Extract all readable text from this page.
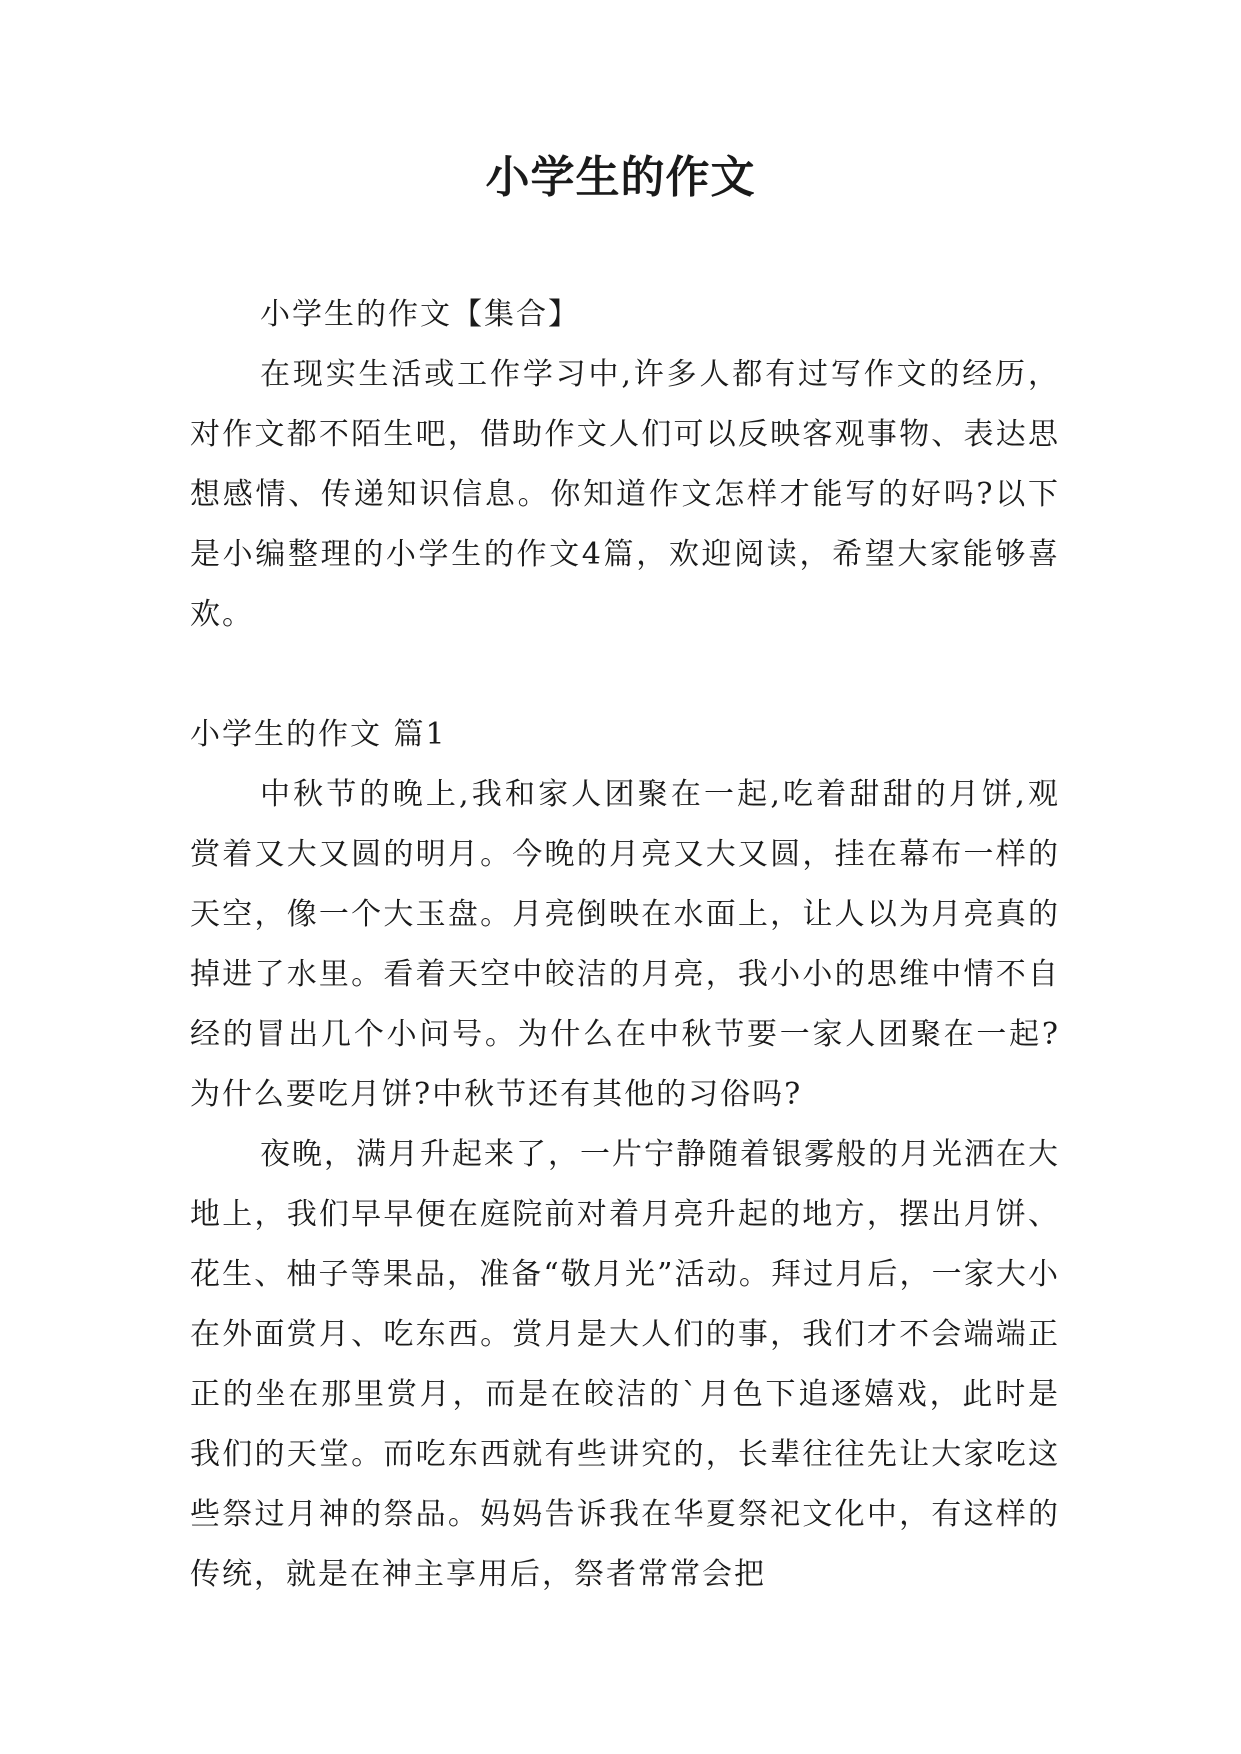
小学生的作文

小学生的作文【集合】

在现实生活或工作学习中,许多人都有过写作文的经历，对作文都不陌生吧，借助作文人们可以反映客观事物、表达思想感情、传递知识信息。你知道作文怎样才能写的好吗?以下是小编整理的小学生的作文4篇，欢迎阅读，希望大家能够喜欢。

小学生的作文 篇1

中秋节的晚上,我和家人团聚在一起,吃着甜甜的月饼,观赏着又大又圆的明月。今晚的月亮又大又圆，挂在幕布一样的天空，像一个大玉盘。月亮倒映在水面上，让人以为月亮真的掉进了水里。看着天空中皎洁的月亮，我小小的思维中情不自经的冒出几个小问号。为什么在中秋节要一家人团聚在一起?为什么要吃月饼?中秋节还有其他的习俗吗?

夜晚，满月升起来了，一片宁静随着银雾般的月光洒在大地上，我们早早便在庭院前对着月亮升起的地方，摆出月饼、花生、柚子等果品，准备“敬月光”活动。拜过月后，一家大小在外面赏月、吃东西。赏月是大人们的事，我们才不会端端正正的坐在那里赏月，而是在皎洁的`月色下追逐嬉戏，此时是我们的天堂。而吃东西就有些讲究的，长辈往往先让大家吃这些祭过月神的祭品。妈妈告诉我在华夏祭祀文化中，有这样的传统，就是在神主享用后，祭者常常会把
